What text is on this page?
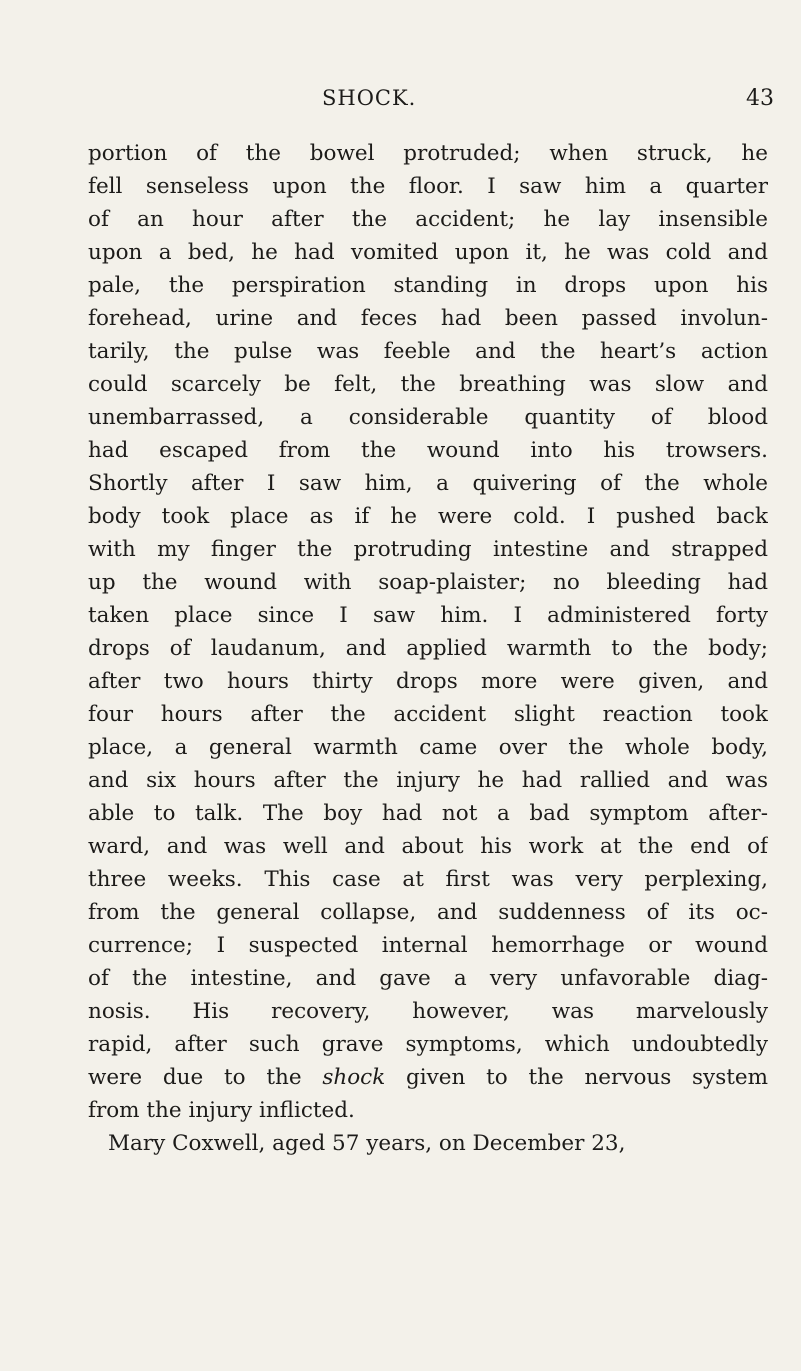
SHOCK.	43
portion of the bowel protruded; when struck, he
fell senseless upon the floor. I saw him a quarter
of an hour after the accident; he lay insensible
upon a bed, he had vomited upon it, he was cold and
pale, the perspiration standing in drops upon his
forehead, urine and feces had been passed involun-
tarily, the pulse was feeble and the heart’s action
could scarcely be felt, the breathing was slow and
unembarrassed, a considerable quantity of blood
had escaped from the wound into his trowsers.
Shortly after I saw him, a quivering of the whole
body took place as if he were cold. I pushed back
with my finger the protruding intestine and strapped
up the wound with soap-plaister; no bleeding had
taken place since I saw him. I administered forty
drops of laudanum, and applied warmth to the body;
after two hours thirty drops more were given, and
four hours after the accident slight reaction took
place, a general warmth came over the whole body,
and six hours after the injury he had rallied and was
able to talk. The boy had not a bad symptom after-
ward, and was well and about his work at the end of
three weeks. This case at first was very perplexing,
from the general collapse, and suddenness of its oc-
currence; I suspected internal hemorrhage or wound
of the intestine, and gave a very unfavorable diag-
nosis. His recovery, however, was marvelously
rapid, after such grave symptoms, which undoubtedly
were due to the shock given to the nervous system
from the injury inflicted.
Mary Coxwell, aged 57 years, on December 23,
